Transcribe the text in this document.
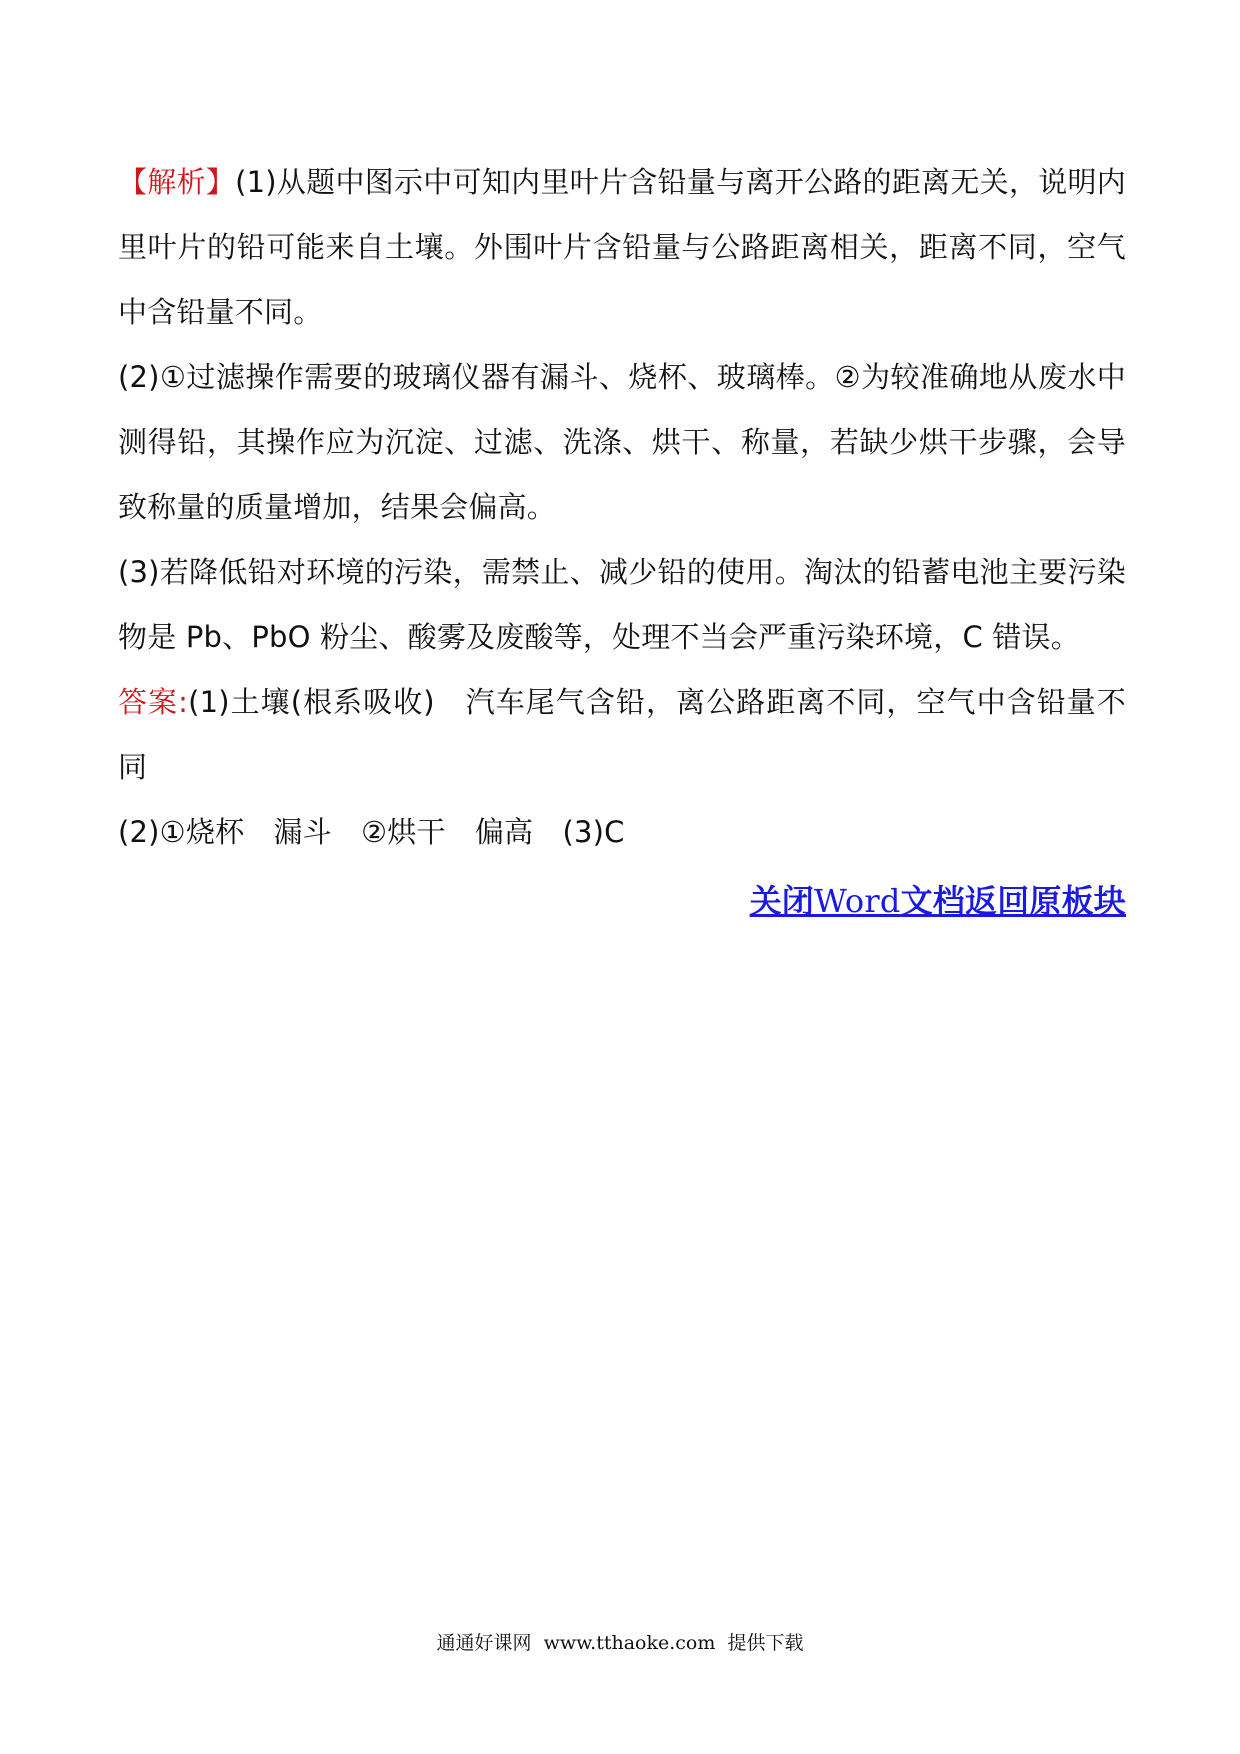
【解析】(1)从题中图示中可知内里叶片含铅量与离开公路的距离无关，说明内里叶片的铅可能来自土壤。外围叶片含铅量与公路距离相关，距离不同，空气中含铅量不同。

(2)①过滤操作需要的玻璃仪器有漏斗、烧杯、玻璃棒。②为较准确地从废水中测得铅，其操作应为沉淀、过滤、洗涤、烘干、称量，若缺少烘干步骤，会导致称量的质量增加，结果会偏高。

(3)若降低铅对环境的污染，需禁止、减少铅的使用。淘汰的铅蓄电池主要污染物是 Pb、PbO 粉尘、酸雾及废酸等，处理不当会严重污染环境，C 错误。

答案:(1)土壤(根系吸收)　汽车尾气含铅，离公路距离不同，空气中含铅量不同

(2)①烧杯　漏斗　②烘干　偏高　(3)C

关闭Word文档返回原板块
通通好课网  www.tthaoke.com  提供下载
